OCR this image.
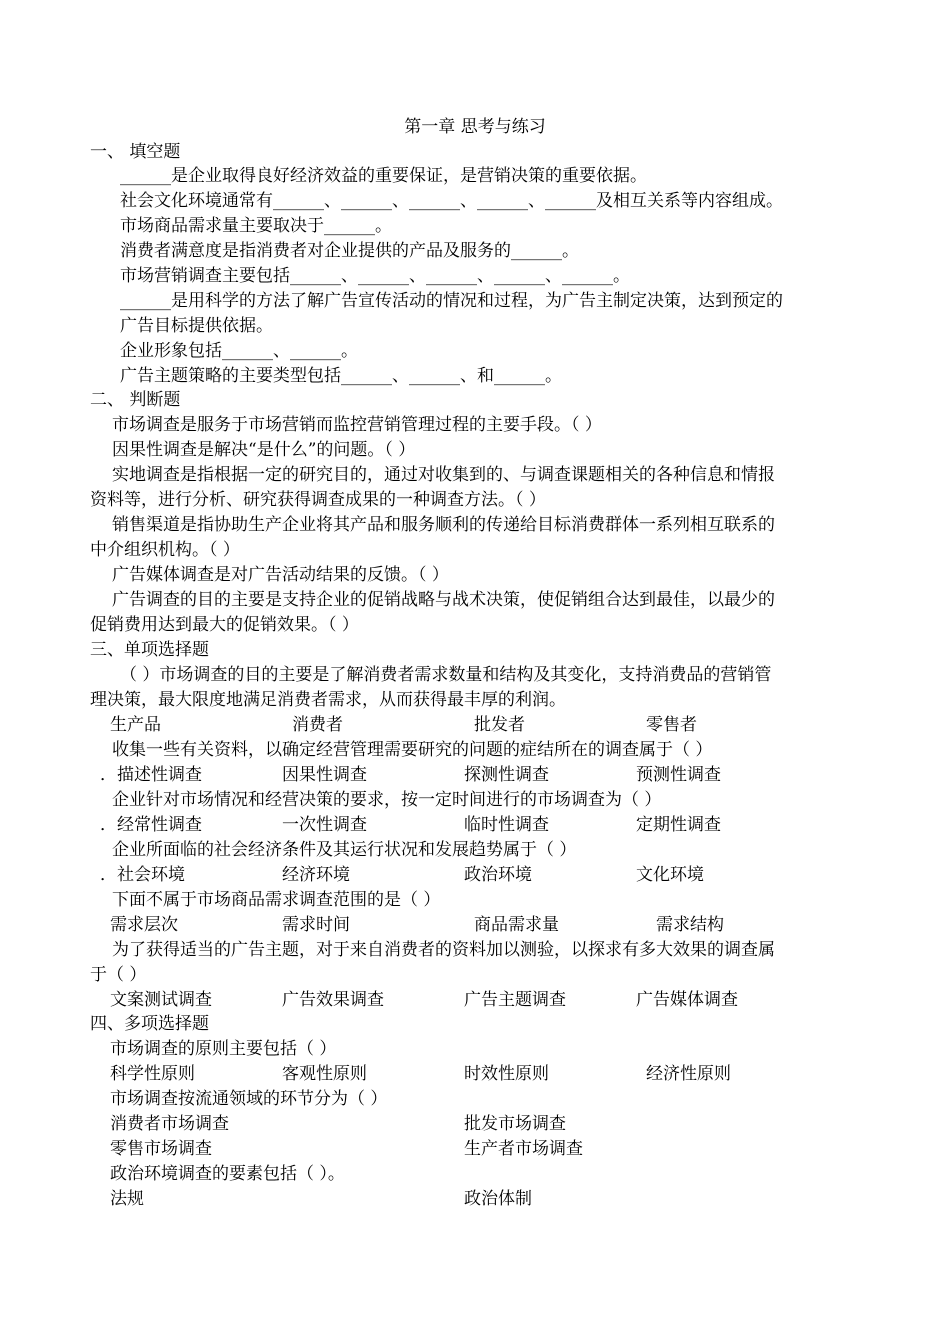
第一章 思考与练习
一、 填空题
______是企业取得良好经济效益的重要保证，是营销决策的重要依据。
社会文化环境通常有______、______、______、______、______及相互关系等内容组成。
市场商品需求量主要取决于______。
消费者满意度是指消费者对企业提供的产品及服务的______。
市场营销调查主要包括______、______、______、______、______。
______是用科学的方法了解广告宣传活动的情况和过程，为广告主制定决策，达到预定的
广告目标提供依据。
企业形象包括______、______。
广告主题策略的主要类型包括______、______、和______。
二、 判断题
市场调查是服务于市场营销而监控营销管理过程的主要手段。（ ）
因果性调查是解决“是什么”的问题。（ ）
实地调查是指根据一定的研究目的，通过对收集到的、与调查课题相关的各种信息和情报
资料等，进行分析、研究获得调查成果的一种调查方法。（ ）
销售渠道是指协助生产企业将其产品和服务顺利的传递给目标消费群体一系列相互联系的
中介组织机构。（ ）
广告媒体调查是对广告活动结果的反馈。（ ）
广告调查的目的主要是支持企业的促销战略与战术决策，使促销组合达到最佳，以最少的
促销费用达到最大的促销效果。（ ）
三、单项选择题
（ ）市场调查的目的主要是了解消费者需求数量和结构及其变化，支持消费品的营销管
理决策，最大限度地满足消费者需求，从而获得最丰厚的利润。
生产品	消费者	批发者	零售者
收集一些有关资料，以确定经营管理需要研究的问题的症结所在的调查属于（ ）
．描述性调查	因果性调查	探测性调查	预测性调查
企业针对市场情况和经营决策的要求，按一定时间进行的市场调查为（ ）
．经常性调查	一次性调查	临时性调查	定期性调查
企业所面临的社会经济条件及其运行状况和发展趋势属于（ ）
．社会环境	经济环境	政治环境	文化环境
下面不属于市场商品需求调查范围的是（ ）
需求层次	需求时间	商品需求量	需求结构
为了获得适当的广告主题，对于来自消费者的资料加以测验，以探求有多大效果的调查属
于（ ）
文案测试调查	广告效果调查	广告主题调查	广告媒体调查
四、多项选择题
市场调查的原则主要包括（ ）
科学性原则	客观性原则	时效性原则	经济性原则
市场调查按流通领域的环节分为（ ）
消费者市场调查	批发市场调查
零售市场调查	生产者市场调查
政治环境调查的要素包括（ ）。
法规	政治体制
